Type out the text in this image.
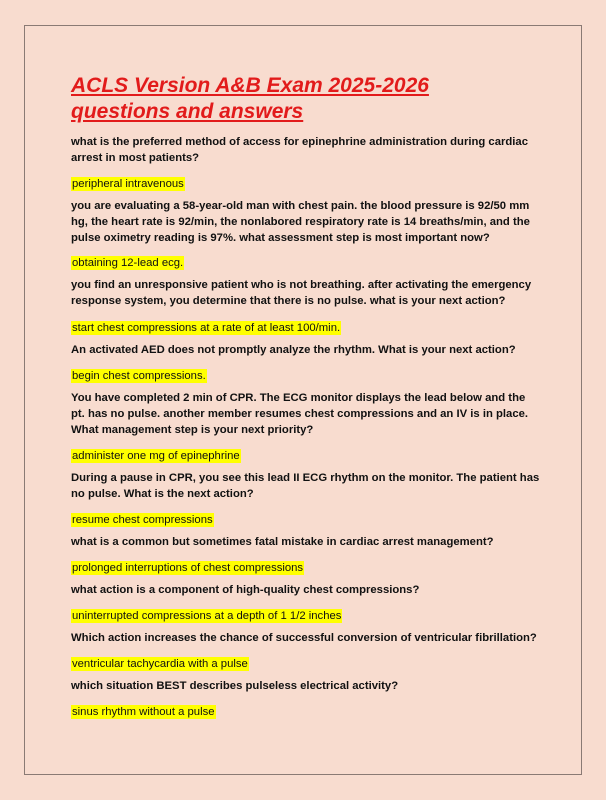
ACLS Version A&B Exam 2025-2026 questions and answers

what is the preferred method of access for epinephrine administration during cardiac arrest in most patients?

peripheral intravenous

you are evaluating a 58-year-old man with chest pain. the blood pressure is 92/50 mm hg, the heart rate is 92/min, the nonlabored respiratory rate is 14 breaths/min, and the pulse oximetry reading is 97%. what assessment step is most important now?

obtaining 12-lead ecg.

you find an unresponsive patient who is not breathing. after activating the emergency response system, you determine that there is no pulse. what is your next action?

start chest compressions at a rate of at least 100/min.

An activated AED does not promptly analyze the rhythm. What is your next action?

begin chest compressions.

You have completed 2 min of CPR. The ECG monitor displays the lead below and the pt. has no pulse. another member resumes chest compressions and an IV is in place. What management step is your next priority?

administer one mg of epinephrine

During a pause in CPR, you see this lead II ECG rhythm on the monitor. The patient has no pulse. What is the next action?

resume chest compressions

what is a common but sometimes fatal mistake in cardiac arrest management?

prolonged interruptions of chest compressions

what action is a component of high-quality chest compressions?

uninterrupted compressions at a depth of 1 1/2 inches

Which action increases the chance of successful conversion of ventricular fibrillation?

ventricular tachycardia with a pulse

which situation BEST describes pulseless electrical activity?

sinus rhythm without a pulse
